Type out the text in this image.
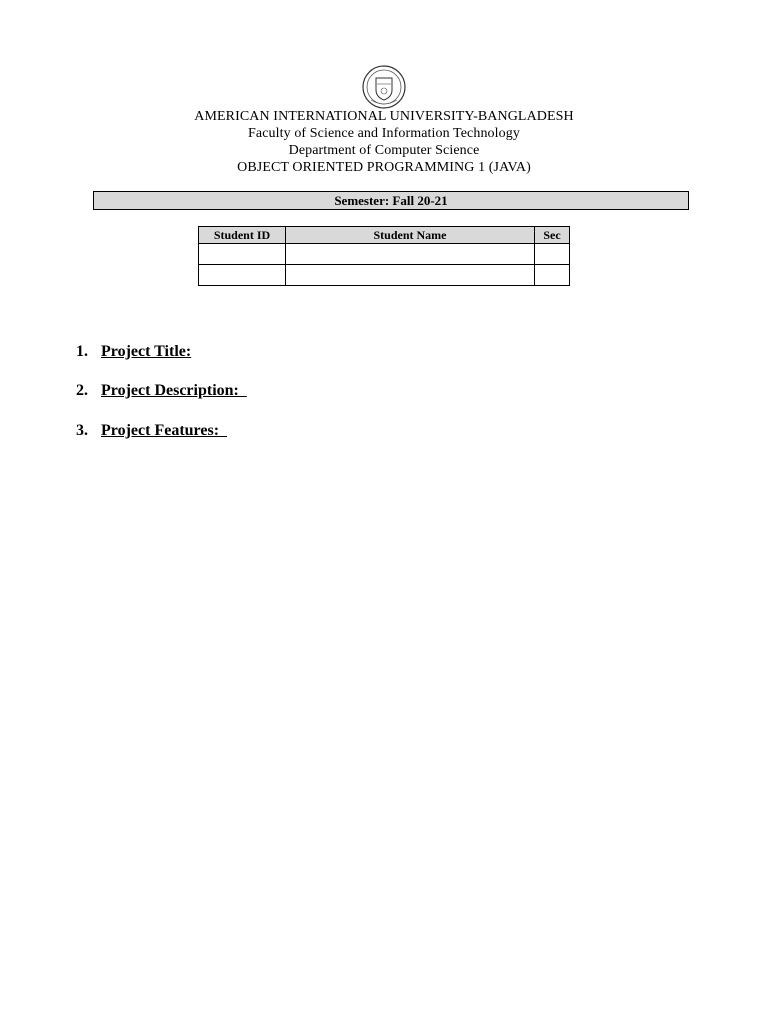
AMERICAN INTERNATIONAL UNIVERSITY-BANGLADESH
Faculty of Science and Information Technology
Department of Computer Science
OBJECT ORIENTED PROGRAMMING 1 (JAVA)
Semester: Fall 20-21
Student ID	Student Name	Sec

1. Project Title:

2. Project Description:

3. Project Features:
